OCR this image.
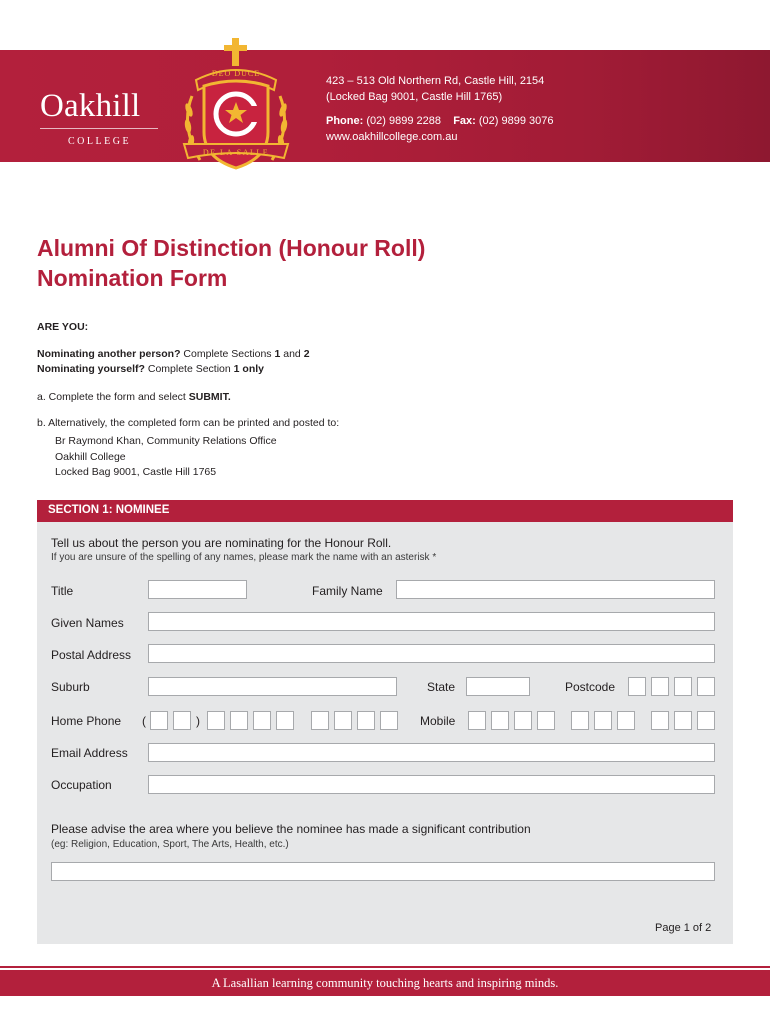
Oakhill
COLLEGE
DEO DUCE
DE LA SALLE
423 – 513 Old Northern Rd, Castle Hill, 2154
(Locked Bag 9001, Castle Hill 1765)
Phone: (02) 9899 2288 Fax: (02) 9899 3076
www.oakhillcollege.com.au
Alumni Of Distinction (Honour Roll)
Nomination Form
ARE YOU:
Nominating another person? Complete Sections 1 and 2
Nominating yourself? Complete Section 1 only
a. Complete the form and select SUBMIT.
b. Alternatively, the completed form can be printed and posted to:
Br Raymond Khan, Community Relations Office
Oakhill College
Locked Bag 9001, Castle Hill 1765
SECTION 1: NOMINEE
Tell us about the person you are nominating for the Honour Roll.
If you are unsure of the spelling of any names, please mark the name with an asterisk *
Title	Family Name
Given Names
Postal Address
Suburb	State	Postcode
Home Phone (	)	Mobile
Email Address
Occupation
Please advise the area where you believe the nominee has made a significant contribution
(eg: Religion, Education, Sport, The Arts, Health, etc.)
Page 1 of 2
A Lasallian learning community touching hearts and inspiring minds.
